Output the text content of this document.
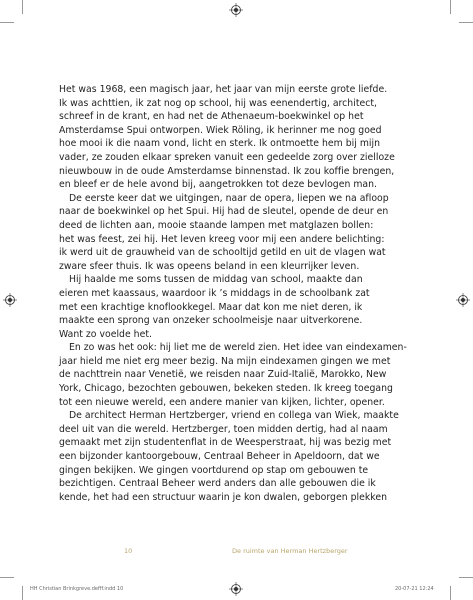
Het was 1968, een magisch jaar, het jaar van mijn eerste grote liefde.
Ik was achttien, ik zat nog op school, hij was eenendertig, architect,
schreef in de krant, en had net de Athenaeum-boekwinkel op het
Amsterdamse Spui ontworpen. Wiek Röling, ik herinner me nog goed
hoe mooi ik die naam vond, licht en sterk. Ik ontmoette hem bij mijn
vader, ze zouden elkaar spreken vanuit een gedeelde zorg over zielloze
nieuwbouw in de oude Amsterdamse binnenstad. Ik zou koffie brengen,
en bleef er de hele avond bij, aangetrokken tot deze bevlogen man.

De eerste keer dat we uitgingen, naar de opera, liepen we na afloop
naar de boekwinkel op het Spui. Hij had de sleutel, opende de deur en
deed de lichten aan, mooie staande lampen met matglazen bollen:
het was feest, zei hij. Het leven kreeg voor mij een andere belichting:
ik werd uit de grauwheid van de schooltijd getild en uit de vlagen wat
zware sfeer thuis. Ik was opeens beland in een kleurrijker leven.

Hij haalde me soms tussen de middag van school, maakte dan
eieren met kaassaus, waardoor ik ’s middags in de schoolbank zat
met een krachtige knoflookkegel. Maar dat kon me niet deren, ik
maakte een sprong van onzeker schoolmeisje naar uitverkorene.
Want zo voelde het.

En zo was het ook: hij liet me de wereld zien. Het idee van eindexamen-
jaar hield me niet erg meer bezig. Na mijn eindexamen gingen we met
de nachttrein naar Venetië, we reisden naar Zuid-Italië, Marokko, New
York, Chicago, bezochten gebouwen, bekeken steden. Ik kreeg toegang
tot een nieuwe wereld, een andere manier van kijken, lichter, opener.

De architect Herman Hertzberger, vriend en collega van Wiek, maakte
deel uit van die wereld. Hertzberger, toen midden dertig, had al naam
gemaakt met zijn studentenflat in de Weesperstraat, hij was bezig met
een bijzonder kantoorgebouw, Centraal Beheer in Apeldoorn, dat we
gingen bekijken. We gingen voortdurend op stap om gebouwen te
bezichtigen. Centraal Beheer werd anders dan alle gebouwen die ik
kende, het had een structuur waarin je kon dwalen, geborgen plekken

10	De ruimte van Herman Hertzberger
HH Christian Brinkgreve.defff.indd 10	20-07-21 12:24
